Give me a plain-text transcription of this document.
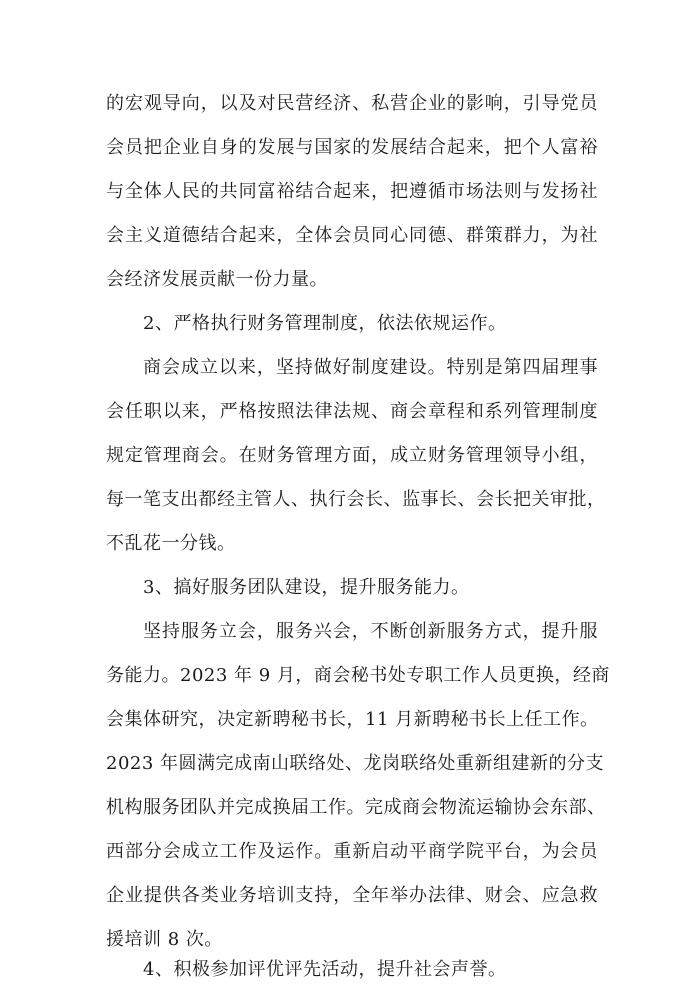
的宏观导向，以及对民营经济、私营企业的影响，引导党员
会员把企业自身的发展与国家的发展结合起来，把个人富裕
与全体人民的共同富裕结合起来，把遵循市场法则与发扬社
会主义道德结合起来，全体会员同心同德、群策群力，为社
会经济发展贡献一份力量。
2、严格执行财务管理制度，依法依规运作。
商会成立以来，坚持做好制度建设。特别是第四届理事
会任职以来，严格按照法律法规、商会章程和系列管理制度
规定管理商会。在财务管理方面，成立财务管理领导小组，
每一笔支出都经主管人、执行会长、监事长、会长把关审批，
不乱花一分钱。
3、搞好服务团队建设，提升服务能力。
坚持服务立会，服务兴会，不断创新服务方式，提升服
务能力。2023 年 9 月，商会秘书处专职工作人员更换，经商
会集体研究，决定新聘秘书长，11 月新聘秘书长上任工作。
2023 年圆满完成南山联络处、龙岗联络处重新组建新的分支
机构服务团队并完成换届工作。完成商会物流运输协会东部、
西部分会成立工作及运作。重新启动平商学院平台，为会员
企业提供各类业务培训支持，全年举办法律、财会、应急救
援培训 8 次。
4、积极参加评优评先活动，提升社会声誉。
